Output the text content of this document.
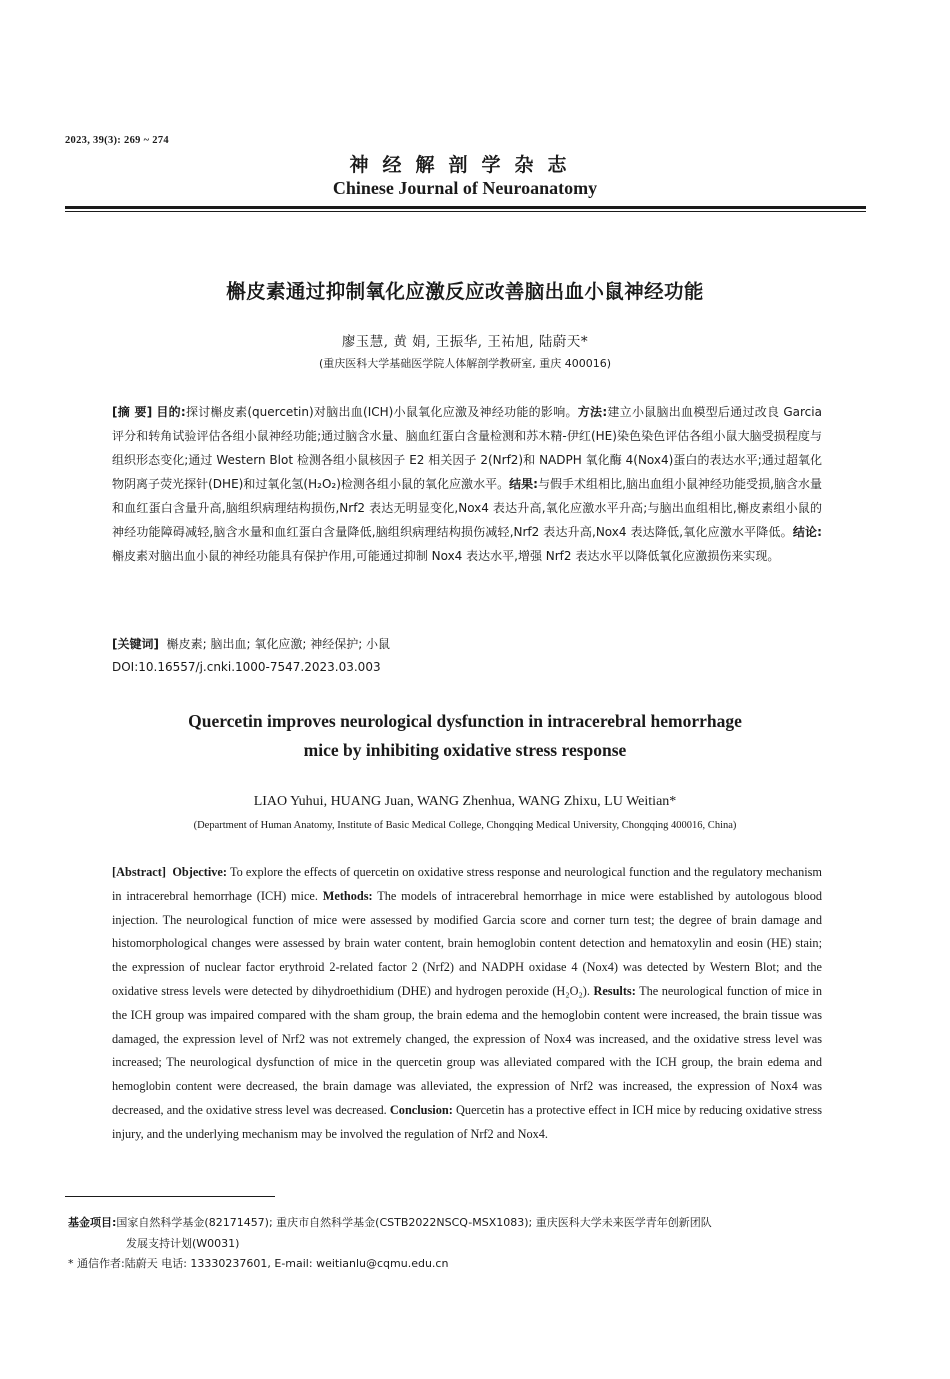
2023, 39(3): 269 ~ 274
神经解剖学杂志
Chinese Journal of Neuroanatomy
槲皮素通过抑制氧化应激反应改善脑出血小鼠神经功能
廖玉慧, 黄 娟, 王振华, 王祐旭, 陆蔚天*
(重庆医科大学基础医学院人体解剖学教研室, 重庆 400016)
[摘 要] 目的:探讨槲皮素(quercetin)对脑出血(ICH)小鼠氧化应激及神经功能的影响。方法:建立小鼠脑出血模型后通过改良 Garcia 评分和转角试验评估各组小鼠神经功能;通过脑含水量、脑血红蛋白含量检测和苏木精-伊红(HE)染色染色评估各组小鼠大脑受损程度与组织形态变化;通过 Western Blot 检测各组小鼠核因子 E2 相关因子 2(Nrf2)和 NADPH 氧化酶 4(Nox4)蛋白的表达水平;通过超氧化物阴离子荧光探针(DHE)和过氧化氢(H₂O₂)检测各组小鼠的氧化应激水平。结果:与假手术组相比,脑出血组小鼠神经功能受损,脑含水量和血红蛋白含量升高,脑组织病理结构损伤,Nrf2 表达无明显变化,Nox4 表达升高,氧化应激水平升高;与脑出血组相比,槲皮素组小鼠的神经功能障碍减轻,脑含水量和血红蛋白含量降低,脑组织病理结构损伤减轻,Nrf2 表达升高,Nox4 表达降低,氧化应激水平降低。结论:槲皮素对脑出血小鼠的神经功能具有保护作用,可能通过抑制 Nox4 表达水平,增强 Nrf2 表达水平以降低氧化应激损伤来实现。
[关键词] 槲皮素; 脑出血; 氧化应激; 神经保护; 小鼠
DOI:10.16557/j.cnki.1000-7547.2023.03.003
Quercetin improves neurological dysfunction in intracerebral hemorrhage
mice by inhibiting oxidative stress response
LIAO Yuhui, HUANG Juan, WANG Zhenhua, WANG Zhixu, LU Weitian*
(Department of Human Anatomy, Institute of Basic Medical College, Chongqing Medical University, Chongqing 400016, China)
[Abstract] Objective: To explore the effects of quercetin on oxidative stress response and neurological function and the regulatory mechanism in intracerebral hemorrhage (ICH) mice. Methods: The models of intracerebral hemorrhage in mice were established by autologous blood injection. The neurological function of mice were assessed by modified Garcia score and corner turn test; the degree of brain damage and histomorphological changes were assessed by brain water content, brain hemoglobin content detection and hematoxylin and eosin (HE) stain; the expression of nuclear factor erythroid 2-related factor 2 (Nrf2) and NADPH oxidase 4 (Nox4) was detected by Western Blot; and the oxidative stress levels were detected by dihydroethidium (DHE) and hydrogen peroxide (H₂O₂). Results: The neurological function of mice in the ICH group was impaired compared with the sham group, the brain edema and the hemoglobin content were increased, the brain tissue was damaged, the expression level of Nrf2 was not extremely changed, the expression of Nox4 was increased, and the oxidative stress level was increased; The neurological dysfunction of mice in the quercetin group was alleviated compared with the ICH group, the brain edema and hemoglobin content were decreased, the brain damage was alleviated, the expression of Nrf2 was increased, the expression of Nox4 was decreased, and the oxidative stress level was decreased. Conclusion: Quercetin has a protective effect in ICH mice by reducing oxidative stress injury, and the underlying mechanism may be involved the regulation of Nrf2 and Nox4.
基金项目:国家自然科学基金(82171457); 重庆市自然科学基金(CSTB2022NSCQ-MSX1083); 重庆医科大学未来医学青年创新团队
发展支持计划(W0031)
* 通信作者:陆蔚天 电话: 13330237601, E-mail: weitianlu@cqmu.edu.cn
